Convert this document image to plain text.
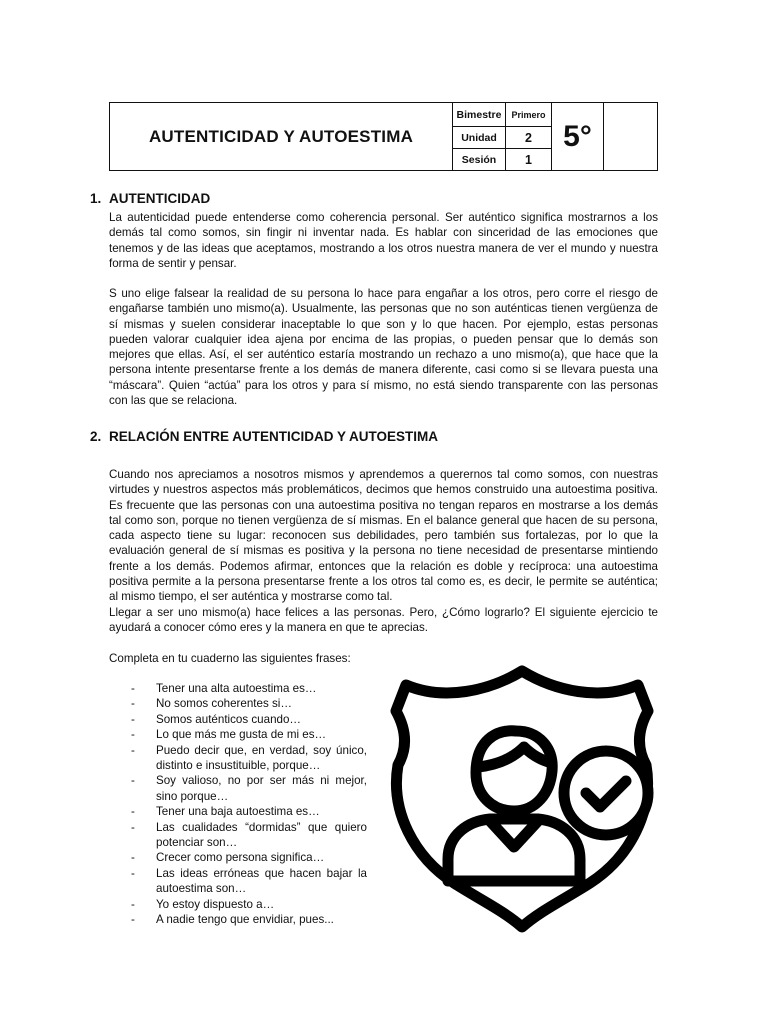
AUTENTICIDAD Y AUTOESTIMA	Bimestre	Primero	5°	
	Unidad	2		
	Sesión	1		
1. AUTENTICIDAD

La autenticidad puede entenderse como coherencia personal. Ser auténtico significa mostrarnos a los demás tal como somos, sin fingir ni inventar nada. Es hablar con sinceridad de las emociones que tenemos y de las ideas que aceptamos, mostrando a los otros nuestra manera de ver el mundo y nuestra forma de sentir y pensar.

S uno elige falsear la realidad de su persona lo hace para engañar a los otros, pero corre el riesgo de engañarse también uno mismo(a). Usualmente, las personas que no son auténticas tienen vergüenza de sí mismas y suelen considerar inaceptable lo que son y lo que hacen. Por ejemplo, estas personas pueden valorar cualquier idea ajena por encima de las propias, o pueden pensar que lo demás son mejores que ellas. Así, el ser auténtico estaría mostrando un rechazo a uno mismo(a), que hace que la persona intente presentarse frente a los demás de manera diferente, casi como si se llevara puesta una “máscara”. Quien “actúa” para los otros y para sí mismo, no está siendo transparente con las personas con las que se relaciona.

2. RELACIÓN ENTRE AUTENTICIDAD Y AUTOESTIMA

Cuando nos apreciamos a nosotros mismos y aprendemos a querernos tal como somos, con nuestras virtudes y nuestros aspectos más problemáticos, decimos que hemos construido una autoestima positiva. Es frecuente que las personas con una autoestima positiva no tengan reparos en mostrarse a los demás tal como son, porque no tienen vergüenza de sí mismas. En el balance general que hacen de su persona, cada aspecto tiene su lugar: reconocen sus debilidades, pero también sus fortalezas, por lo que la evaluación general de sí mismas es positiva y la persona no tiene necesidad de presentarse mintiendo frente a los demás. Podemos afirmar, entonces que la relación es doble y recíproca: una autoestima positiva permite a la persona presentarse frente a los otros tal como es, es decir, le permite se auténtica; al mismo tiempo, el ser auténtica y mostrarse como tal.

Llegar a ser uno mismo(a) hace felices a las personas. Pero, ¿Cómo lograrlo? El siguiente ejercicio te ayudará a conocer cómo eres y la manera en que te aprecias.

Completa en tu cuaderno las siguientes frases:

- Tener una alta autoestima es…
- No somos coherentes si…
- Somos auténticos cuando…
- Lo que más me gusta de mi es…
- Puedo decir que, en verdad, soy único, distinto e insustituible, porque…
- Soy valioso, no por ser más ni mejor, sino porque…
- Tener una baja autoestima es…
- Las cualidades “dormidas” que quiero potenciar son…
- Crecer como persona significa…
- Las ideas erróneas que hacen bajar la autoestima son…
- Yo estoy dispuesto a…
- A nadie tengo que envidiar, pues...
